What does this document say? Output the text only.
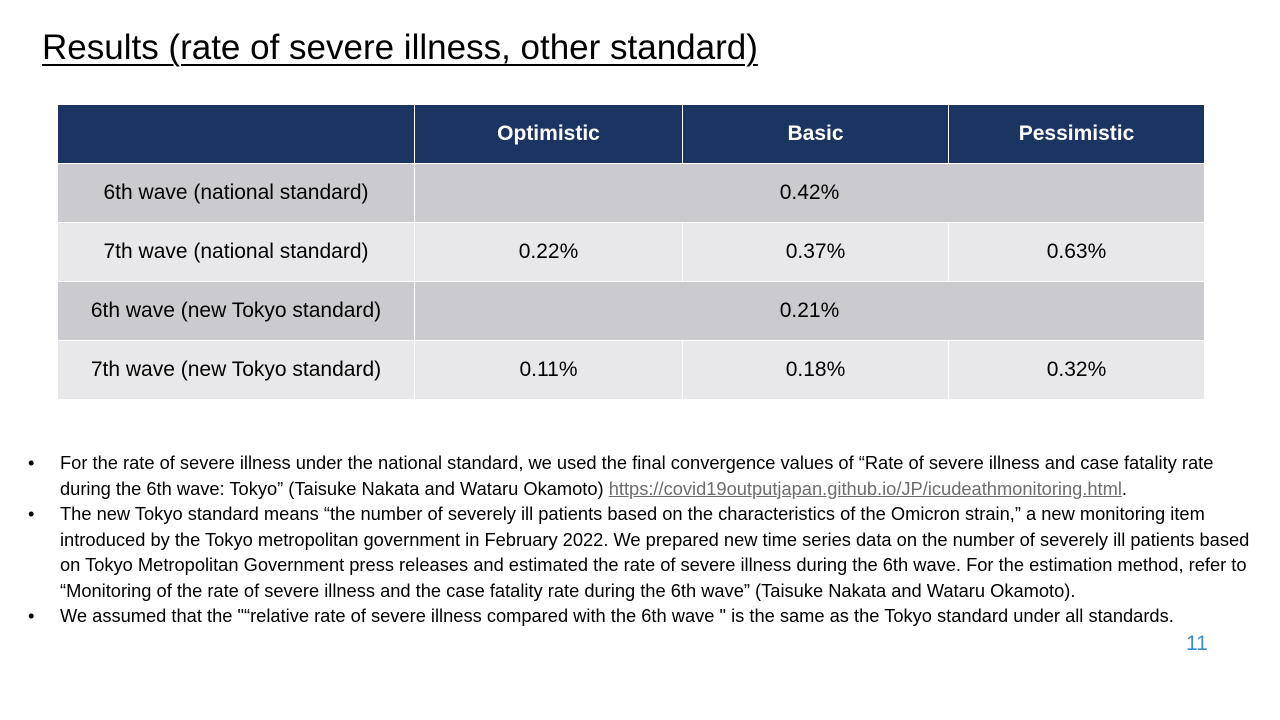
Results (rate of severe illness, other standard)
	Optimistic	Basic	Pessimistic
6th wave (national standard)	0.42%		
7th wave (national standard)	0.22%	0.37%	0.63%
6th wave (new Tokyo standard)	0.21%		
7th wave (new Tokyo standard)	0.11%	0.18%	0.32%
• For the rate of severe illness under the national standard, we used the final convergence values of “Rate of severe illness and case fatality rate during the 6th wave: Tokyo” (Taisuke Nakata and Wataru Okamoto) https://covid19outputjapan.github.io/JP/icudeathmonitoring.html.
• The new Tokyo standard means “the number of severely ill patients based on the characteristics of the Omicron strain,” a new monitoring item introduced by the Tokyo metropolitan government in February 2022. We prepared new time series data on the number of severely ill patients based on Tokyo Metropolitan Government press releases and estimated the rate of severe illness during the 6th wave. For the estimation method, refer to “Monitoring of the rate of severe illness and the case fatality rate during the 6th wave” (Taisuke Nakata and Wataru Okamoto).
• We assumed that the "“relative rate of severe illness compared with the 6th wave " is the same as the Tokyo standard under all standards.
11
